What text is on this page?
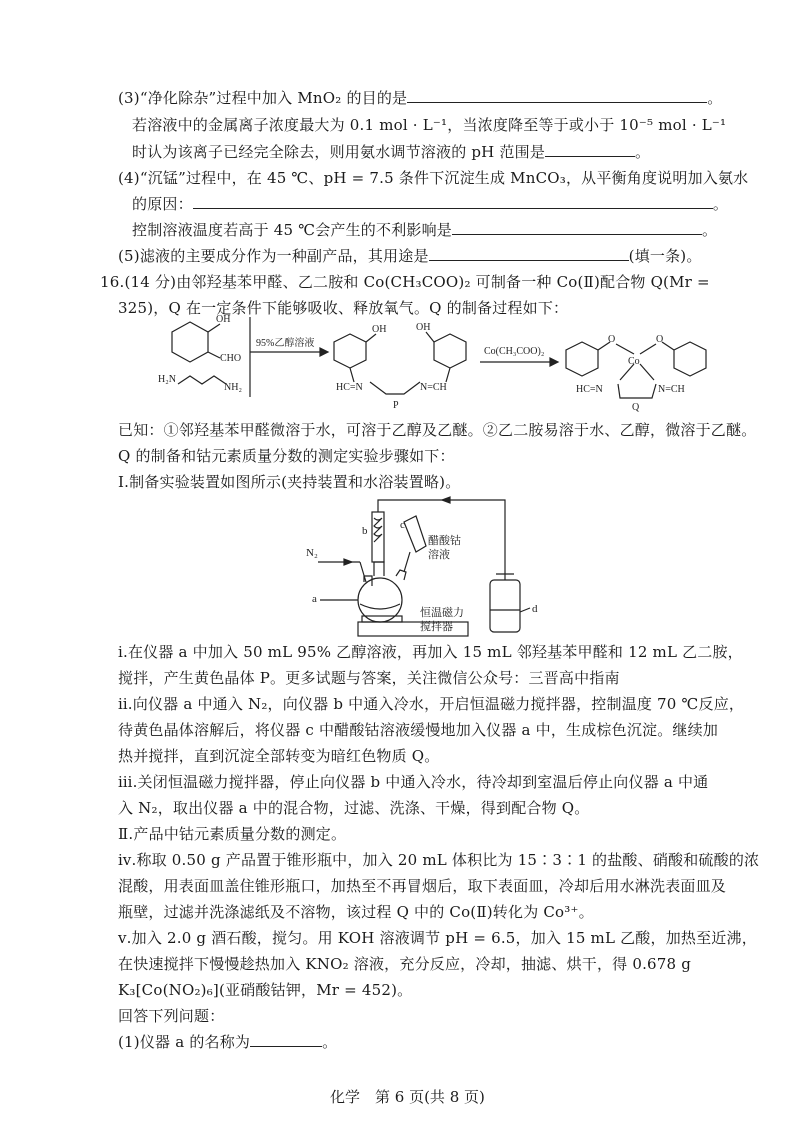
(3)“净化除杂”过程中加入 MnO₂ 的目的是	。
若溶液中的金属离子浓度最大为 0.1 mol · L⁻¹，当浓度降至等于或小于 10⁻⁵ mol · L⁻¹
时认为该离子已经完全除去，则用氨水调节溶液的 pH 范围是	。
(4)“沉锰”过程中，在 45 ℃、pH = 7.5 条件下沉淀生成 MnCO₃，从平衡角度说明加入氨水
的原因：	。
控制溶液温度若高于 45 ℃会产生的不利影响是	。
(5)滤液的主要成分作为一种副产品，其用途是	(填一条)。
16.(14 分)由邻羟基苯甲醛、乙二胺和 Co(CH₃COO)₂ 可制备一种 Co(Ⅱ)配合物 Q(Mr =
325)，Q 在一定条件下能够吸收、释放氧气。Q 的制备过程如下：
OH
CHO
H₂N
NH₂
95%乙醇溶液
OH	OH
HC=N	N=CH
P
Co(CH₃COO)₂
O
Co
O
HC=N	N=CH
Q
已知：①邻羟基苯甲醛微溶于水，可溶于乙醇及乙醚。②乙二胺易溶于水、乙醇，微溶于乙醚。
Q 的制备和钴元素质量分数的测定实验步骤如下：
Ⅰ.制备实验装置如图所示(夹持装置和水浴装置略)。
b	c
a
d
N₂
醋酸钴
溶液
恒温磁力
搅拌器
ⅰ.在仪器 a 中加入 50 mL 95% 乙醇溶液，再加入 15 mL 邻羟基苯甲醛和 12 mL 乙二胺，
搅拌，产生黄色晶体 P。更多试题与答案，关注微信公众号：三晋高中指南
ⅱ.向仪器 a 中通入 N₂，向仪器 b 中通入冷水，开启恒温磁力搅拌器，控制温度 70 ℃反应，
待黄色晶体溶解后，将仪器 c 中醋酸钴溶液缓慢地加入仪器 a 中，生成棕色沉淀。继续加
热并搅拌，直到沉淀全部转变为暗红色物质 Q。
ⅲ.关闭恒温磁力搅拌器，停止向仪器 b 中通入冷水，待冷却到室温后停止向仪器 a 中通
入 N₂，取出仪器 a 中的混合物，过滤、洗涤、干燥，得到配合物 Q。
Ⅱ.产品中钴元素质量分数的测定。
ⅳ.称取 0.50 g 产品置于锥形瓶中，加入 20 mL 体积比为 15∶3∶1 的盐酸、硝酸和硫酸的浓
混酸，用表面皿盖住锥形瓶口，加热至不再冒烟后，取下表面皿，冷却后用水淋洗表面皿及
瓶壁，过滤并洗涤滤纸及不溶物，该过程 Q 中的 Co(Ⅱ)转化为 Co³⁺。
ⅴ.加入 2.0 g 酒石酸，搅匀。用 KOH 溶液调节 pH = 6.5，加入 15 mL 乙酸，加热至近沸，
在快速搅拌下慢慢趁热加入 KNO₂ 溶液，充分反应，冷却，抽滤、烘干，得 0.678 g
K₃[Co(NO₂)₆](亚硝酸钴钾，Mr = 452)。
回答下列问题：
(1)仪器 a 的名称为	。
化学　第 6 页(共 8 页)
